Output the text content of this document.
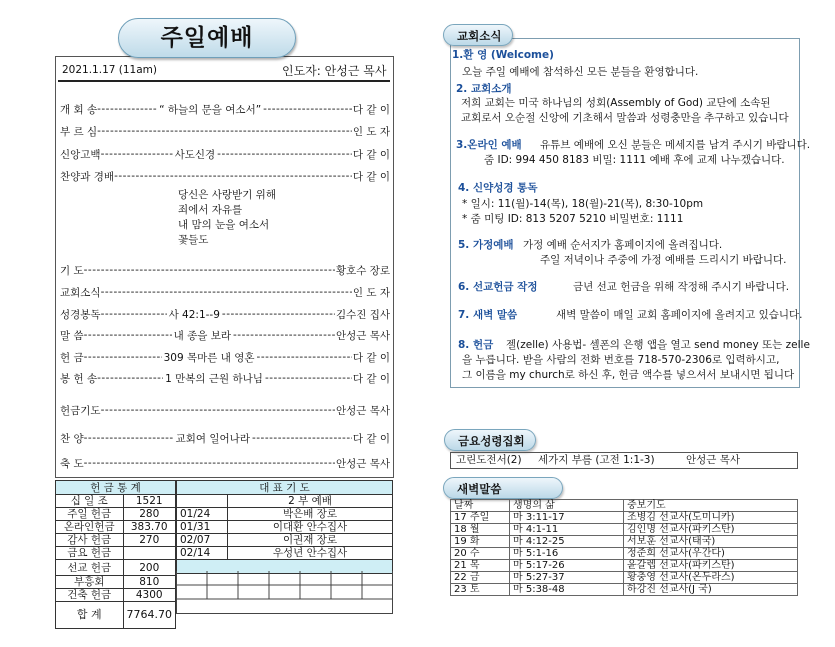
주일예배
2021.1.17 (11am)	인도자: 안성근 목사
개 회 송 -----	“ 하늘의 문을 여소서” -----	다 같 이
부 르 심 -----	인 도 자
신앙고백 -----	사도신경 -----	다 같 이
찬양과 경배 -----	다 같 이
당신은 사랑받기 위해
죄에서 자유를
내 맘의 눈을 여소서
꽃들도
기 도 -----	황호수 장로
교회소식 -----	인 도 자
성경봉독 -----	사 42:1--9 -----	김수진 집사
말 씀 -----	내 종을 보라 -----	안성근 목사
헌 금 -----	309 목마른 내 영혼 -----	다 같 이
봉 헌 송 -----	1 만복의 근원 하나님 -----	다 같 이
헌금기도 -----	안성근 목사
찬 양 -----	교회여 일어나라 -----	다 같 이
축 도 -----	안성근 목사
헌 금 통 계	
십 일 조	1521
주일 헌금	280
온라인헌금	383.70
감사 헌금	270
금요 헌금	
선교 헌금	200
부흥회	810
건축 헌금	4300
합 계	7764.70
대 표 기 도	
	2 부 예배
01/24	박은배 장로
01/31	이대환 안수집사
02/07	이권재 장로
02/14	우성년 안수집사

교회소식
1.환 영 (Welcome)
오늘 주일 예배에 참석하신 모든 분들을 환영합니다.
2. 교회소개
저희 교회는 미국 하나님의 성회(Assembly of God) 교단에 소속된
교회로서 오순절 신앙에 기초해서 말씀과 성령충만을 추구하고 있습니다
3.온라인 예배 유튜브 예배에 오신 분들은 메세지를 남겨 주시기 바랍니다.
줌 ID: 994 450 8183 비밀: 1111 예배 후에 교제 나누겠습니다.
4. 신약성경 통독
* 일시: 11(월)-14(목), 18(월)-21(목), 8:30-10pm
* 줌 미팅 ID: 813 5207 5210 비밀번호: 1111
5. 가정예배 가정 예배 순서지가 홈페이지에 올려집니다.
주일 저녁이나 주중에 가정 예배를 드리시기 바랍니다.
6. 선교헌금 작정	금년 선교 헌금을 위해 작정해 주시기 바랍니다.
7. 새벽 말씀	새벽 말씀이 매일 교회 홈페이지에 올려지고 있습니다.
8. 헌금 젤(zelle) 사용법- 셀폰의 은행 앱을 열고 send money 또는 zelle
을 누릅니다. 받을 사람의 전화 번호를 718-570-2306로 입력하시고,
그 이름을 my church로 하신 후, 헌금 액수를 넣으셔서 보내시면 됩니다
금요성령집회
고린도전서(2) 세가지 부름 (고전 1:1-3)	안성근 목사
새벽말씀
날짜	생명의 삶	중보기도
17 주일	마 3:11-17	조병김 선교사(도미니카)
18 월	마 4:1-11	김인명 선교사(파키스탄)
19 화	마 4:12-25	서보훈 선교사(태국)
20 수	마 5:1-16	정준희 선교사(우간다)
21 목	마 5:17-26	윤갈렙 선교사(파키스탄)
22 금	마 5:27-37	황충영 선교사(온두라스)
23 토	마 5:38-48	하강진 선교사(J 국)
